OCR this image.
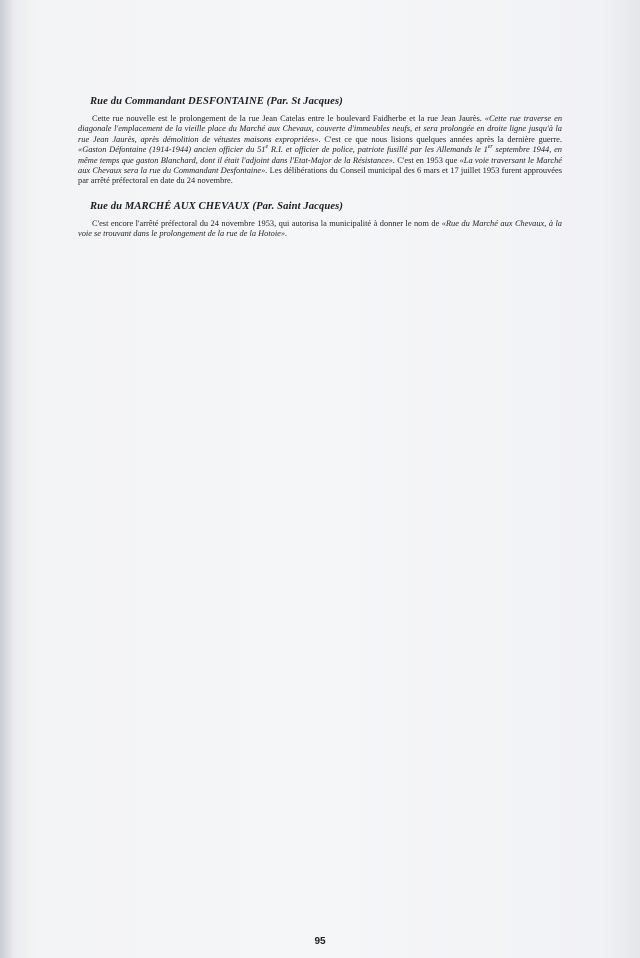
Rue du Commandant DESFONTAINE (Par. St Jacques)

Cette rue nouvelle est le prolongement de la rue Jean Catelas entre le boulevard Faidherbe et la rue Jean Jaurès. «Cette rue traverse en diagonale l'emplacement de la vieille place du Marché aux Chevaux, couverte d'immeubles neufs, et sera prolongée en droite ligne jusqu'à la rue Jean Jaurès, après démolition de vétustes maisons expropriées». C'est ce que nous lisions quelques années après la dernière guerre. «Gaston Défontaine (1914-1944) ancien officier du 51e R.I. et officier de police, patriote fusillé par les Allemands le 1er septembre 1944, en même temps que gaston Blanchard, dont il était l'adjoint dans l'Etat-Major de la Résistance». C'est en 1953 que «La voie traversant le Marché aux Chevaux sera la rue du Commandant Desfontaine». Les délibérations du Conseil municipal des 6 mars et 17 juillet 1953 furent approuvées par arrêté préfectoral en date du 24 novembre.

Rue du MARCHÉ AUX CHEVAUX (Par. Saint Jacques)

C'est encore l'arrêté préfectoral du 24 novembre 1953, qui autorisa la municipalité à donner le nom de «Rue du Marché aux Chevaux, à la voie se trouvant dans le prolongement de la rue de la Hotoie».

95
